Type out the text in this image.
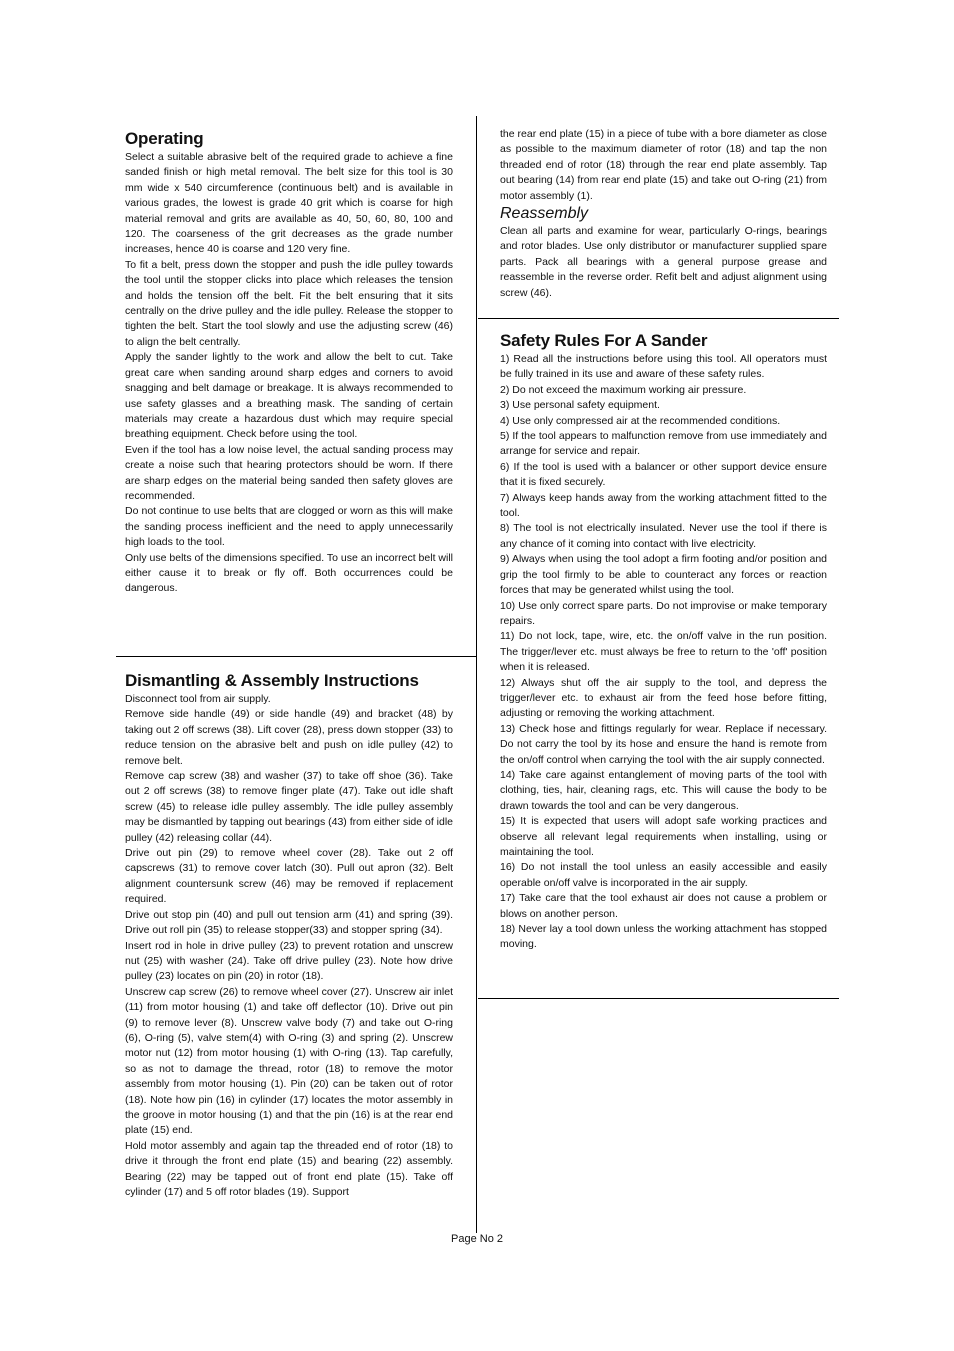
Operating

Select a suitable abrasive belt of the required grade to achieve a fine sanded finish or high metal removal. The belt size for this tool is 30 mm wide x 540 circumference (continuous belt) and is available in various grades, the lowest is grade 40 grit which is coarse for high material removal and grits are available as 40, 50, 60, 80, 100 and 120. The coarseness of the grit decreases as the grade number increases, hence 40 is coarse and 120 very fine.

To fit a belt, press down the stopper and push the idle pulley towards the tool until the stopper clicks into place which releases the tension and holds the tension off the belt. Fit the belt ensuring that it sits centrally on the drive pulley and the idle pulley. Release the stopper to tighten the belt. Start the tool slowly and use the adjusting screw (46) to align the belt centrally.

Apply the sander lightly to the work and allow the belt to cut. Take great care when sanding around sharp edges and corners to avoid snagging and belt damage or breakage. It is always recommended to use safety glasses and a breathing mask. The sanding of certain materials may create a hazardous dust which may require special breathing equipment. Check before using the tool.

Even if the tool has a low noise level, the actual sanding process may create a noise such that hearing protectors should be worn. If there are sharp edges on the material being sanded then safety gloves are recommended.

Do not continue to use belts that are clogged or worn as this will make the sanding process inefficient and the need to apply unnecessarily high loads to the tool.

Only use belts of the dimensions specified. To use an incorrect belt will either cause it to break or fly off. Both occurrences could be dangerous.

Dismantling & Assembly Instructions

Disconnect tool from air supply.

Remove side handle (49) or side handle (49) and bracket (48) by taking out 2 off screws (38). Lift cover (28), press down stopper (33) to reduce tension on the abrasive belt and push on idle pulley (42) to remove belt.

Remove cap screw (38) and washer (37) to take off shoe (36). Take out 2 off screws (38) to remove finger plate (47). Take out idle shaft screw (45) to release idle pulley assembly. The idle pulley assembly may be dismantled by tapping out bearings (43) from either side of idle pulley (42) releasing collar (44).

Drive out pin (29) to remove wheel cover (28). Take out 2 off capscrews (31) to remove cover latch (30). Pull out apron (32). Belt alignment countersunk screw (46) may be removed if replacement required.

Drive out stop pin (40) and pull out tension arm (41) and spring (39). Drive out roll pin (35) to release stopper(33) and stopper spring (34).

Insert rod in hole in drive pulley (23) to prevent rotation and unscrew nut (25) with washer (24). Take off drive pulley (23). Note how drive pulley (23) locates on pin (20) in rotor (18).

Unscrew cap screw (26) to remove wheel cover (27). Unscrew air inlet (11) from motor housing (1) and take off deflector (10). Drive out pin (9) to remove lever (8). Unscrew valve body (7) and take out O-ring (6), O-ring (5), valve stem(4) with O-ring (3) and spring (2). Unscrew motor nut (12) from motor housing (1) with O-ring (13). Tap carefully, so as not to damage the thread, rotor (18) to remove the motor assembly from motor housing (1). Pin (20) can be taken out of rotor (18). Note how pin (16) in cylinder (17) locates the motor assembly in the groove in motor housing (1) and that the pin (16) is at the rear end plate (15) end.

Hold motor assembly and again tap the threaded end of rotor (18) to drive it through the front end plate (15) and bearing (22) assembly. Bearing (22) may be tapped out of front end plate (15). Take off cylinder (17) and 5 off rotor blades (19). Support

the rear end plate (15) in a piece of tube with a bore diameter as close as possible to the maximum diameter of rotor (18) and tap the non threaded end of rotor (18) through the rear end plate assembly. Tap out bearing (14) from rear end plate (15) and take out O-ring (21) from motor assembly (1).

Reassembly

Clean all parts and examine for wear, particularly O-rings, bearings and rotor blades. Use only distributor or manufacturer supplied spare parts. Pack all bearings with a general purpose grease and reassemble in the reverse order. Refit belt and adjust alignment using screw (46).

Safety Rules For A Sander

1) Read all the instructions before using this tool. All operators must be fully trained in its use and aware of these safety rules.

2) Do not exceed the maximum working air pressure.

3) Use personal safety equipment.

4) Use only compressed air at the recommended conditions.

5) If the tool appears to malfunction remove from use immediately and arrange for service and repair.

6) If the tool is used with a balancer or other support device ensure that it is fixed securely.

7) Always keep hands away from the working attachment fitted to the tool.

8) The tool is not electrically insulated. Never use the tool if there is any chance of it coming into contact with live electricity.

9) Always when using the tool adopt a firm footing and/or position and grip the tool firmly to be able to counteract any forces or reaction forces that may be generated whilst using the tool.

10) Use only correct spare parts. Do not improvise or make temporary repairs.

11) Do not lock, tape, wire, etc. the on/off valve in the run position. The trigger/lever etc. must always be free to return to the 'off' position when it is released.

12) Always shut off the air supply to the tool, and depress the trigger/lever etc. to exhaust air from the feed hose before fitting, adjusting or removing the working attachment.

13) Check hose and fittings regularly for wear. Replace if necessary. Do not carry the tool by its hose and ensure the hand is remote from the on/off control when carrying the tool with the air supply connected.

14) Take care against entanglement of moving parts of the tool with clothing, ties, hair, cleaning rags, etc. This will cause the body to be drawn towards the tool and can be very dangerous.

15) It is expected that users will adopt safe working practices and observe all relevant legal requirements when installing, using or maintaining the tool.

16) Do not install the tool unless an easily accessible and easily operable on/off valve is incorporated in the air supply.

17) Take care that the tool exhaust air does not cause a problem or blows on another person.

18) Never lay a tool down unless the working attachment has stopped moving.

Page No 2
